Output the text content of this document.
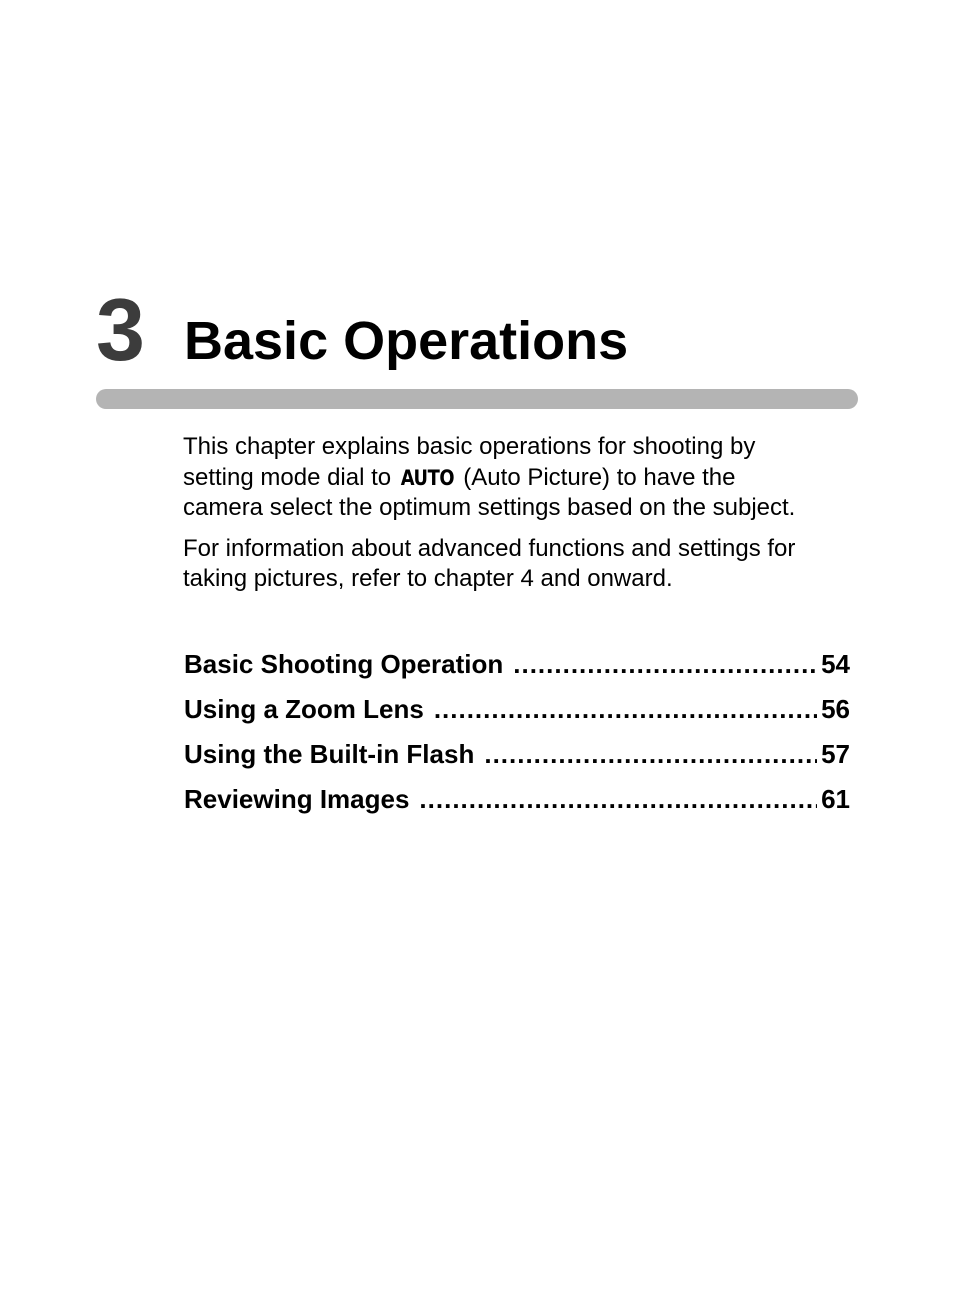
3 Basic Operations

This chapter explains basic operations for shooting by
setting mode dial to AUTO (Auto Picture) to have the
camera select the optimum settings based on the subject.

For information about advanced functions and settings for
taking pictures, refer to chapter 4 and onward.

Basic Shooting Operation .....	54
Using a Zoom Lens .....	56
Using the Built-in Flash .....	57
Reviewing Images .....	61
